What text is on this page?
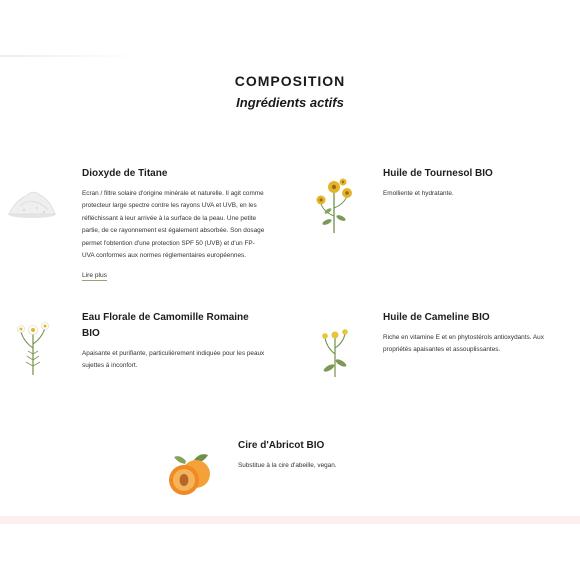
COMPOSITION
Ingrédients actifs
Dioxyde de Titane

Ecran / filtre solaire d'origine minérale et naturelle. Il agit comme protecteur large spectre contre les rayons UVA et UVB, en les réfléchissant à leur arrivée à la surface de la peau. Une petite partie, de ce rayonnement est également absorbée. Son dosage permet l'obtention d'une protection SPF 50 (UVB) et d'un FP-UVA conformes aux normes réglementaires européennes.

Lire plus
Huile de Tournesol BIO

Emolliente et hydratante.

Eau Florale de Camomille Romaine BIO

Apaisante et purifiante, particulièrement indiquée pour les peaux sujettes à inconfort.

Huile de Cameline BIO

Riche en vitamine E et en phytostérols antioxydants. Aux propriétés apaisantes et assouplissantes.

Cire d'Abricot BIO

Substitue à la cire d'abeille, vegan.
